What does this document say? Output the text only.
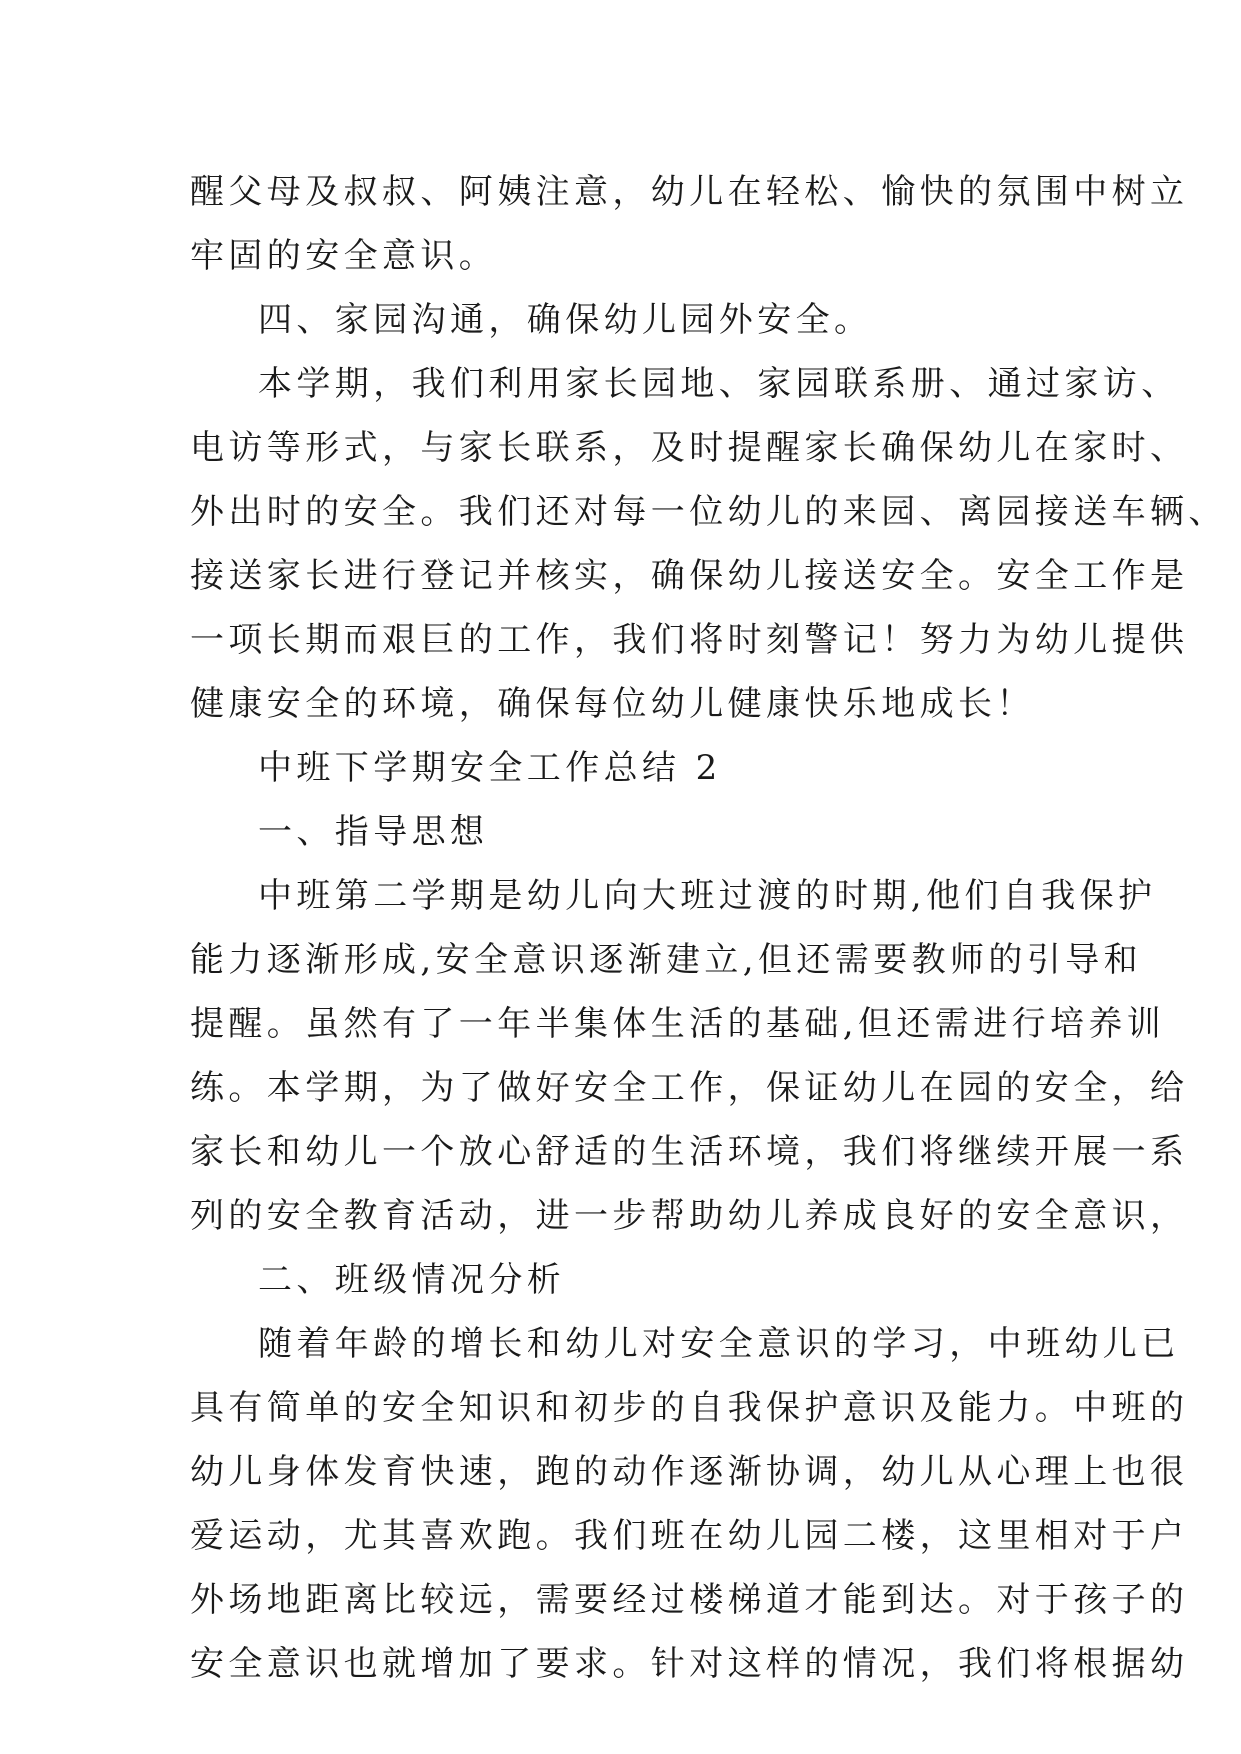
醒父母及叔叔、阿姨注意，幼儿在轻松、愉快的氛围中树立
牢固的安全意识。
四、家园沟通，确保幼儿园外安全。
本学期，我们利用家长园地、家园联系册、通过家访、
电访等形式，与家长联系，及时提醒家长确保幼儿在家时、
外出时的安全。我们还对每一位幼儿的来园、离园接送车辆、
接送家长进行登记并核实，确保幼儿接送安全。安全工作是
一项长期而艰巨的工作，我们将时刻警记！努力为幼儿提供
健康安全的环境，确保每位幼儿健康快乐地成长！
中班下学期安全工作总结 2
一、指导思想
中班第二学期是幼儿向大班过渡的时期,他们自我保护
能力逐渐形成,安全意识逐渐建立,但还需要教师的引导和
提醒。虽然有了一年半集体生活的基础,但还需进行培养训
练。本学期，为了做好安全工作，保证幼儿在园的安全，给
家长和幼儿一个放心舒适的生活环境，我们将继续开展一系
列的安全教育活动，进一步帮助幼儿养成良好的安全意识，
二、班级情况分析
随着年龄的增长和幼儿对安全意识的学习，中班幼儿已
具有简单的安全知识和初步的自我保护意识及能力。中班的
幼儿身体发育快速，跑的动作逐渐协调，幼儿从心理上也很
爱运动，尤其喜欢跑。我们班在幼儿园二楼，这里相对于户
外场地距离比较远，需要经过楼梯道才能到达。对于孩子的
安全意识也就增加了要求。针对这样的情况，我们将根据幼
